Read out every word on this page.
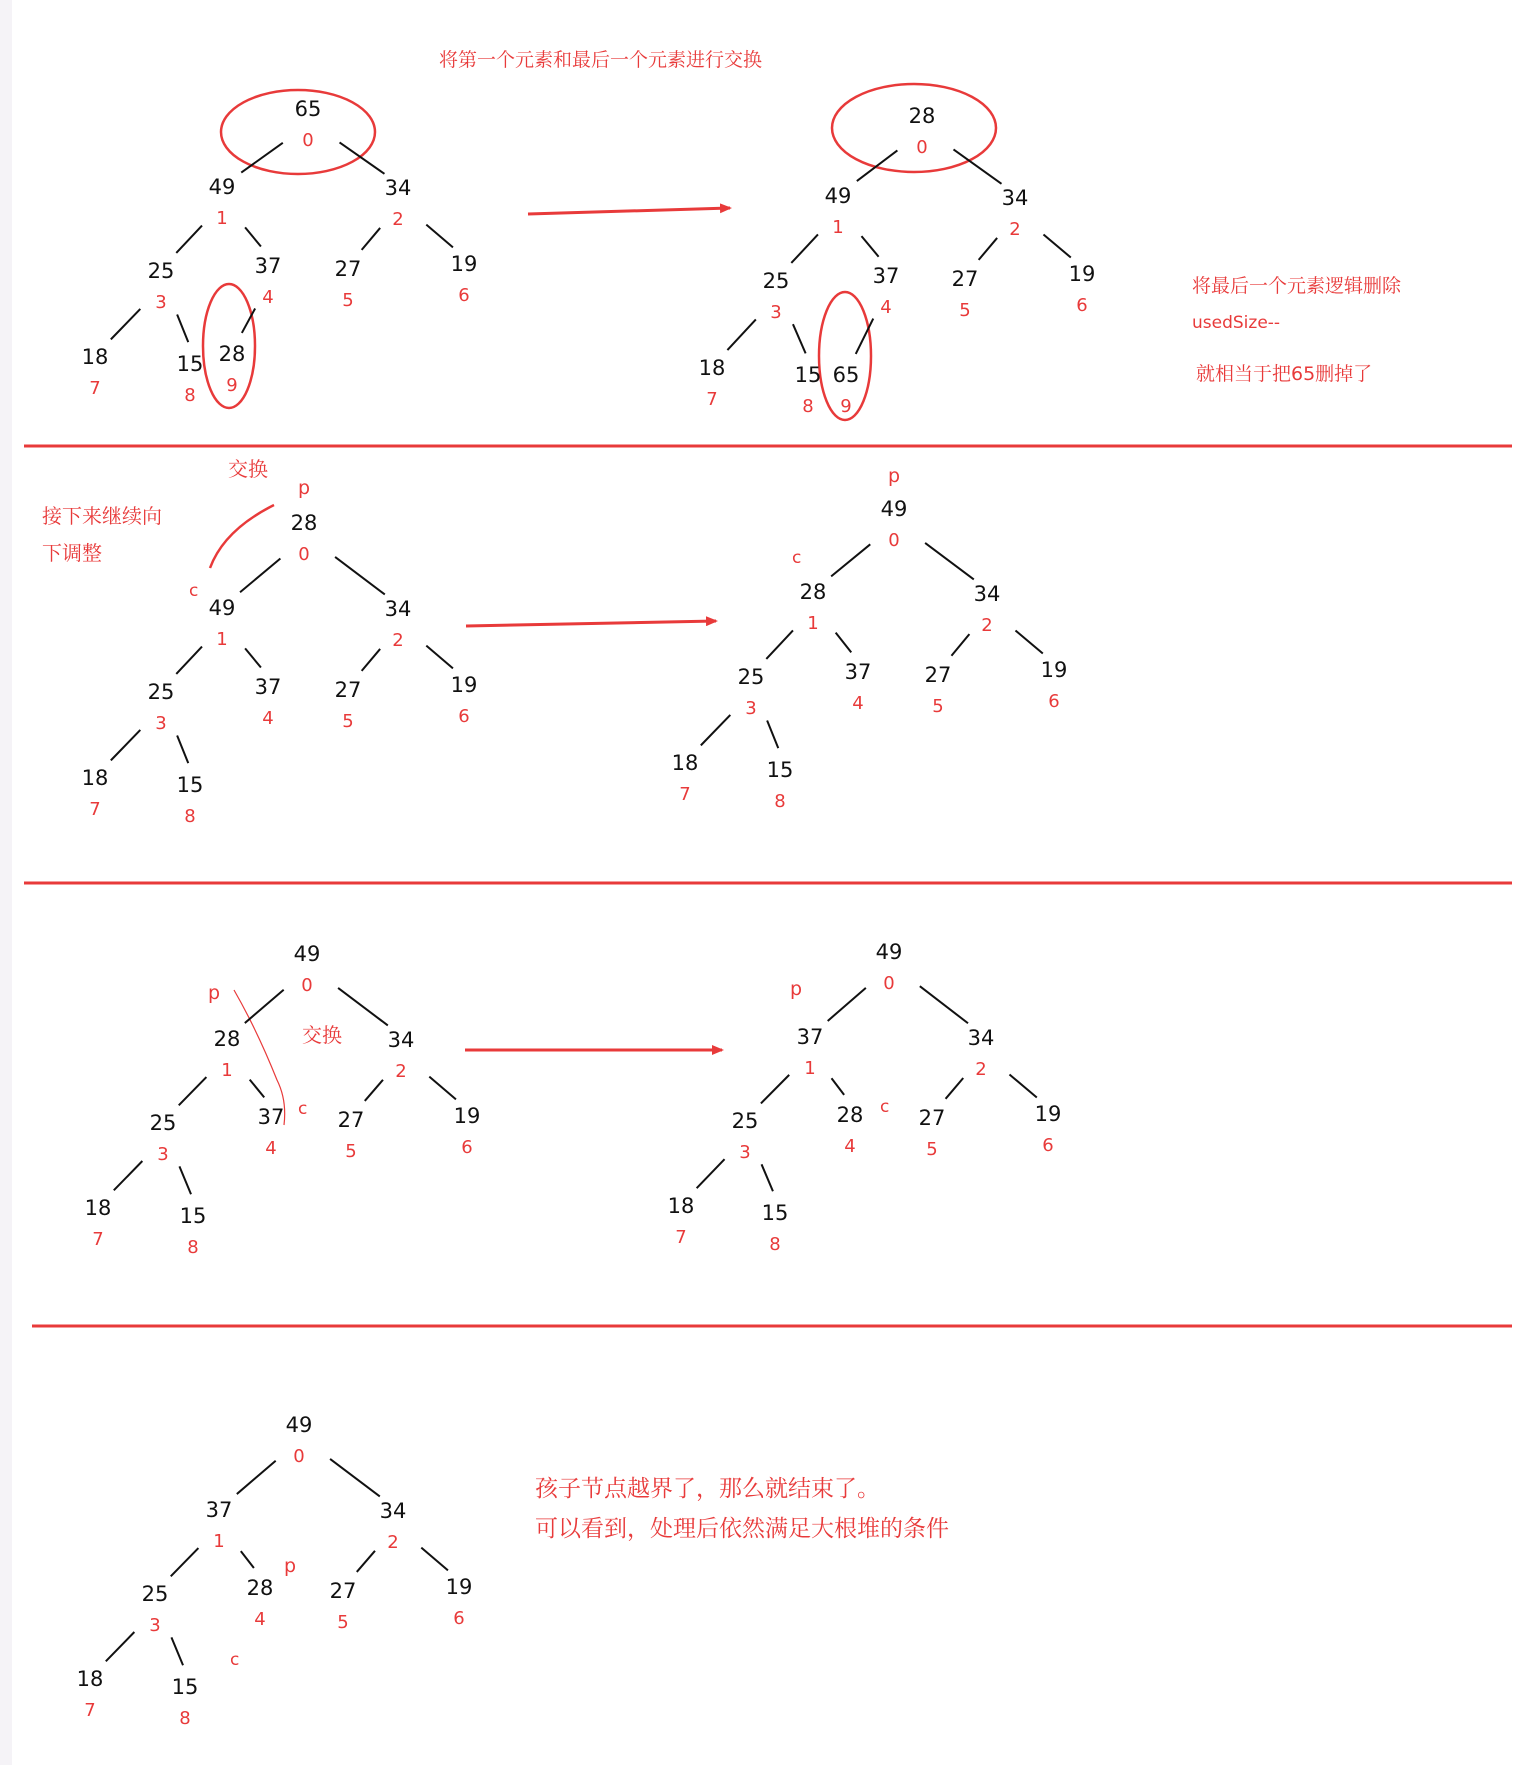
将第一个元素和最后一个元素进行交换
将最后一个元素逻辑删除
usedSize--
就相当于把65删掉了
交换
接下来继续向
下调整
交换
孩子节点越界了，那么就结束了。
可以看到，处理后依然满足大根堆的条件
p
c
p
c
p
c
p
c
p
c
65
0
49
1
34
2
25
3
37
4
27
5
19
6
18
7
15
8
28
9
28
0
49
1
34
2
25
3
37
4
27
5
19
6
18
7
15
8
65
9
28
0
49
1
34
2
25
3
37
4
27
5
19
6
18
7
15
8
49
0
28
1
34
2
25
3
37
4
27
5
19
6
18
7
15
8
49
0
28
1
34
2
25
3
37
4
27
5
19
6
18
7
15
8
49
0
37
1
34
2
25
3
28
4
27
5
19
6
18
7
15
8
49
0
37
1
34
2
25
3
28
4
27
5
19
6
18
7
15
8
